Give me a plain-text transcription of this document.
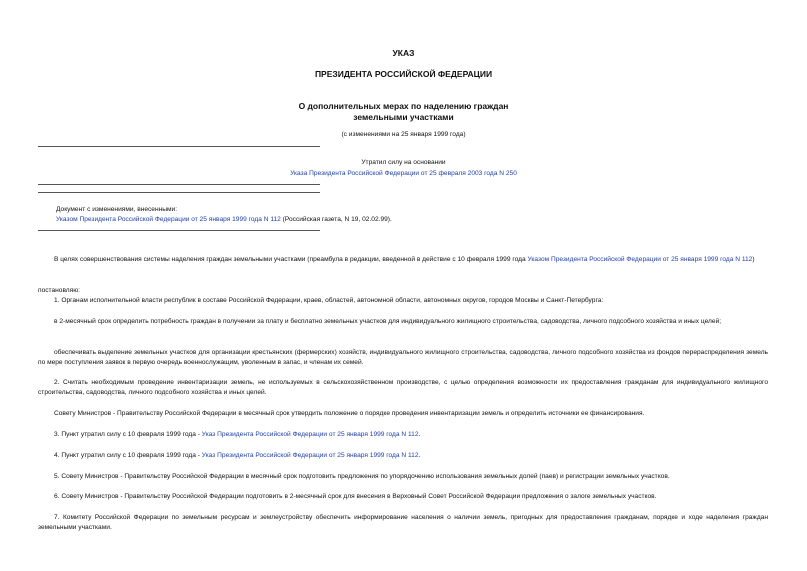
УКАЗ
ПРЕЗИДЕНТА РОССИЙСКОЙ ФЕДЕРАЦИИ
О дополнительных мерах по наделению граждан
земельными участками
(с изменениями на 25 января 1999 года)
Утратил силу на основании
Указа Президента Российской Федерации от 25 февраля 2003 года N 250
Документ с изменениями, внесенными:
Указом Президента Российской Федерации от 25 января 1999 года N 112 (Российская газета, N 19, 02.02.99).
В целях совершенствования системы наделения граждан земельными участками (преамбула в редакции, введенной в действие с 10 февраля 1999 года Указом Президента Российской Федерации от 25 января 1999 года N 112)
постановляю:
1. Органам исполнительной власти республик в составе Российской Федерации, краев, областей, автономной области, автономных округов, городов Москвы и Санкт-Петербурга:
в 2-месячный срок определить потребность граждан в получении за плату и бесплатно земельных участков для индивидуального жилищного строительства, садоводства, личного подсобного хозяйства и иных целей;
обеспечивать выделение земельных участков для организации крестьянских (фермерских) хозяйств, индивидуального жилищного строительства, садоводства, личного подсобного хозяйства из фондов перераспределения земель по мере поступления заявок в первую очередь военнослужащим, уволенным в запас, и членам их семей.
2. Считать необходимым проведение инвентаризации земель, не используемых в сельскохозяйственном производстве, с целью определения возможности их предоставления гражданам для индивидуального жилищного строительства, садоводства, личного подсобного хозяйства и иных целей.
Совету Министров - Правительству Российской Федерации в месячный срок утвердить положение о порядке проведения инвентаризации земель и определить источники ее финансирования.
3. Пункт утратил силу с 10 февраля 1999 года - Указ Президента Российской Федерации от 25 января 1999 года N 112.
4. Пункт утратил силу с 10 февраля 1999 года - Указ Президента Российской Федерации от 25 января 1999 года N 112.
5. Совету Министров - Правительству Российской Федерации в месячный срок подготовить предложения по упорядочению использования земельных долей (паев) и регистрации земельных участков.
6. Совету Министров - Правительству Российской Федерации подготовить в 2-месячный срок для внесения в Верховный Совет Российской Федерации предложения о залоге земельных участков.
7. Комитету Российской Федерации по земельным ресурсам и землеустройству обеспечить информирование населения о наличии земель, пригодных для предоставления гражданам, порядке и ходе наделения граждан земельными участками.
